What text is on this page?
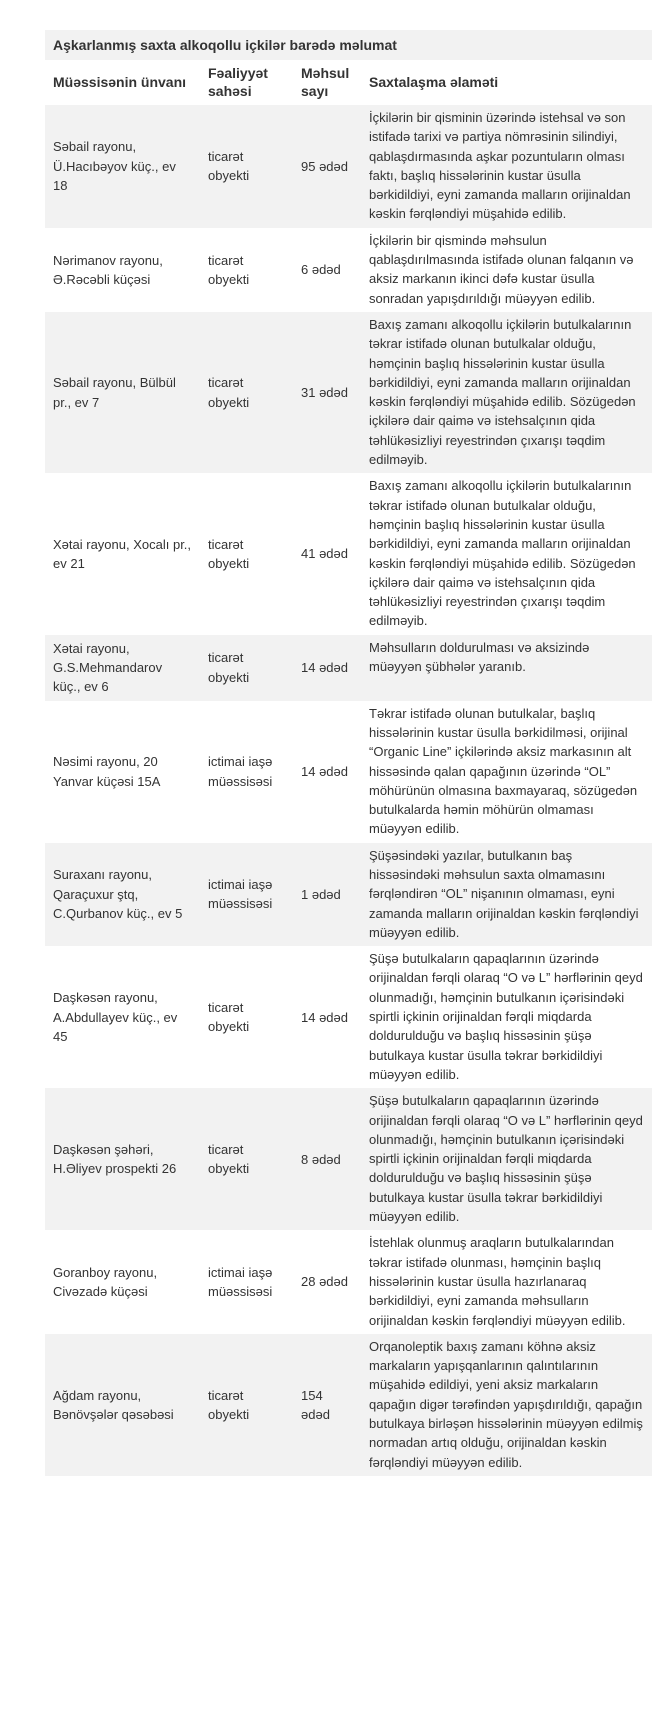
Aşkarlanmış saxta alkoqollu içkilər barədə məlumat
Müəssisənin ünvanı	Fəaliyyət sahəsi	Məhsul sayı	Saxtalaşma əlaməti
Səbail rayonu, Ü.Hacıbəyov küç., ev 18	ticarət obyekti	95 ədəd	İçkilərin bir qisminin üzərində istehsal və son istifadə tarixi və partiya nömrəsinin silindiyi, qablaşdırmasında aşkar pozuntuların olması faktı, başlıq hissələrinin kustar üsulla bərkidildiyi, eyni zamanda malların orijinaldan kəskin fərqləndiyi müşahidə edilib.
Nərimanov rayonu, Ə.Rəcəbli küçəsi	ticarət obyekti	6 ədəd	İçkilərin bir qismində məhsulun qablaşdırılmasında istifadə olunan falqanın və aksiz markanın ikinci dəfə kustar üsulla sonradan yapışdırıldığı müəyyən edilib.
Səbail rayonu, Bülbül pr., ev 7	ticarət obyekti	31 ədəd	Baxış zamanı alkoqollu içkilərin butulkalarının təkrar istifadə olunan butulkalar olduğu, həmçinin başlıq hissələrinin kustar üsulla bərkidildiyi, eyni zamanda malların orijinaldan kəskin fərqləndiyi müşahidə edilib. Sözügedən içkilərə dair qaimə və istehsalçının qida təhlükəsizliyi reyestrindən çıxarışı təqdim edilməyib.
Xətai rayonu, Xocalı pr., ev 21	ticarət obyekti	41 ədəd	Baxış zamanı alkoqollu içkilərin butulkalarının təkrar istifadə olunan butulkalar olduğu, həmçinin başlıq hissələrinin kustar üsulla bərkidildiyi, eyni zamanda malların orijinaldan kəskin fərqləndiyi müşahidə edilib. Sözügedən içkilərə dair qaimə və istehsalçının qida təhlükəsizliyi reyestrindən çıxarışı təqdim edilməyib.
Xətai rayonu, G.S.Mehmandarov küç., ev 6	ticarət obyekti	14 ədəd	Məhsulların doldurulması və aksizində müəyyən şübhələr yaranıb.
Nəsimi rayonu, 20 Yanvar küçəsi 15A	ictimai iaşə müəssisəsi	14 ədəd	Təkrar istifadə olunan butulkalar, başlıq hissələrinin kustar üsulla bərkidilməsi, orijinal “Organic Line” içkilərində aksiz markasının alt hissəsində qalan qapağının üzərində “OL” möhürünün olmasına baxmayaraq, sözügedən butulkalarda həmin möhürün olmaması müəyyən edilib.
Suraxanı rayonu, Qaraçuxur ştq, C.Qurbanov küç., ev 5	ictimai iaşə müəssisəsi	1 ədəd	Şüşəsindəki yazılar, butulkanın baş hissəsindəki məhsulun saxta olmamasını fərqləndirən “OL” nişanının olmaması, eyni zamanda malların orijinaldan kəskin fərqləndiyi müəyyən edilib.
Daşkəsən rayonu, A.Abdullayev küç., ev 45	ticarət obyekti	14 ədəd	Şüşə butulkaların qapaqlarının üzərində orijinaldan fərqli olaraq “O və L” hərflərinin qeyd olunmadığı, həmçinin butulkanın içərisindəki spirtli içkinin orijinaldan fərqli miqdarda doldurulduğu və başlıq hissəsinin şüşə butulkaya kustar üsulla təkrar bərkidildiyi müəyyən edilib.
Daşkəsən şəhəri, H.Əliyev prospekti 26	ticarət obyekti	8 ədəd	Şüşə butulkaların qapaqlarının üzərində orijinaldan fərqli olaraq “O və L” hərflərinin qeyd olunmadığı, həmçinin butulkanın içərisindəki spirtli içkinin orijinaldan fərqli miqdarda doldurulduğu və başlıq hissəsinin şüşə butulkaya kustar üsulla təkrar bərkidildiyi müəyyən edilib.
Goranboy rayonu, Civəzadə küçəsi	ictimai iaşə müəssisəsi	28 ədəd	İstehlak olunmuş araqların butulkalarından təkrar istifadə olunması, həmçinin başlıq hissələrinin kustar üsulla hazırlanaraq bərkidildiyi, eyni zamanda məhsulların orijinaldan kəskin fərqləndiyi müəyyən edilib.
Ağdam rayonu, Bənövşələr qəsəbəsi	ticarət obyekti	154 ədəd	Orqanoleptik baxış zamanı köhnə aksiz markaların yapışqanlarının qalıntılarının müşahidə edildiyi, yeni aksiz markaların qapağın digər tərəfindən yapışdırıldığı, qapağın butulkaya birləşən hissələrinin müəyyən edilmiş normadan artıq olduğu, orijinaldan kəskin fərqləndiyi müəyyən edilib.
